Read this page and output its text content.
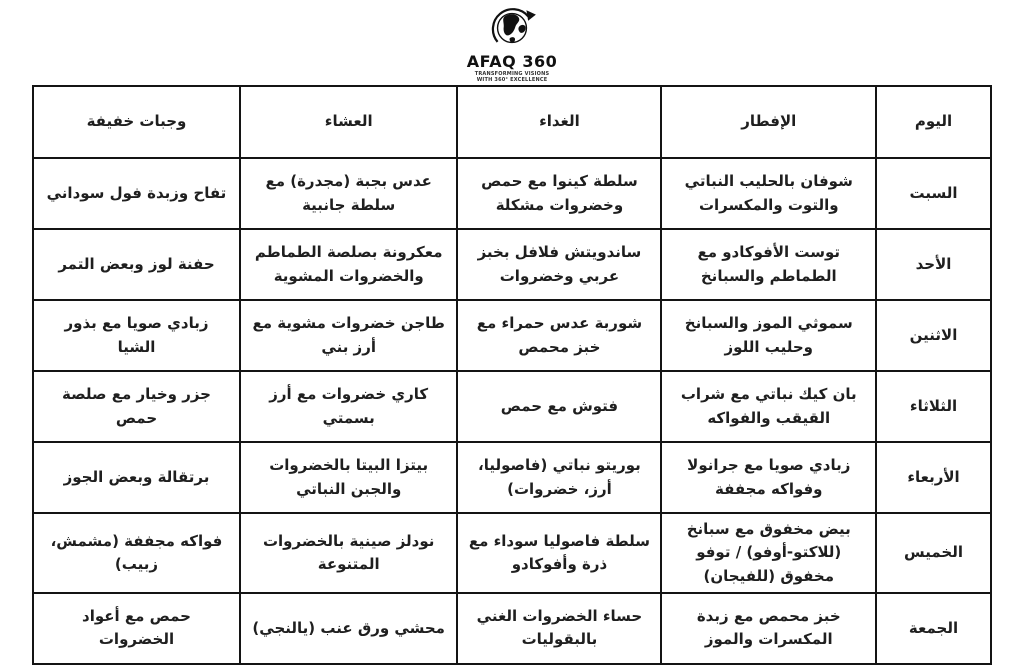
AFAQ 360
TRANSFORMING VISIONS WITH 360° EXCELLENCE
اليوم	الإفطار	الغداء	العشاء	وجبات خفيفة
السبت	شوفان بالحليب النباتي والتوت والمكسرات	سلطة كينوا مع حمص وخضروات مشكلة	عدس بجبة (مجدرة) مع سلطة جانبية	تفاح وزبدة فول سوداني
الأحد	توست الأفوكادو مع الطماطم والسبانخ	ساندويتش فلافل بخبز عربي وخضروات	معكرونة بصلصة الطماطم والخضروات المشوية	حفنة لوز وبعض التمر
الاثنين	سموثي الموز والسبانخ وحليب اللوز	شوربة عدس حمراء مع خبز محمص	طاجن خضروات مشوية مع أرز بني	زبادي صويا مع بذور الشيا
الثلاثاء	بان كيك نباتي مع شراب القيقب والفواكه	فتوش مع حمص	كاري خضروات مع أرز بسمتي	جزر وخيار مع صلصة حمص
الأربعاء	زبادي صويا مع جرانولا وفواكه مجففة	بوريتو نباتي (فاصوليا، أرز، خضروات)	بيتزا البيتا بالخضروات والجبن النباتي	برتقالة وبعض الجوز
الخميس	بيض مخفوق مع سبانخ (للاكتو-أوفو) / توفو مخفوق (للفيجان)	سلطة فاصوليا سوداء مع ذرة وأفوكادو	نودلز صينية بالخضروات المتنوعة	فواكه مجففة (مشمش، زبيب)
الجمعة	خبز محمص مع زبدة المكسرات والموز	حساء الخضروات الغني بالبقوليات	محشي ورق عنب (يالنجي)	حمص مع أعواد الخضروات
